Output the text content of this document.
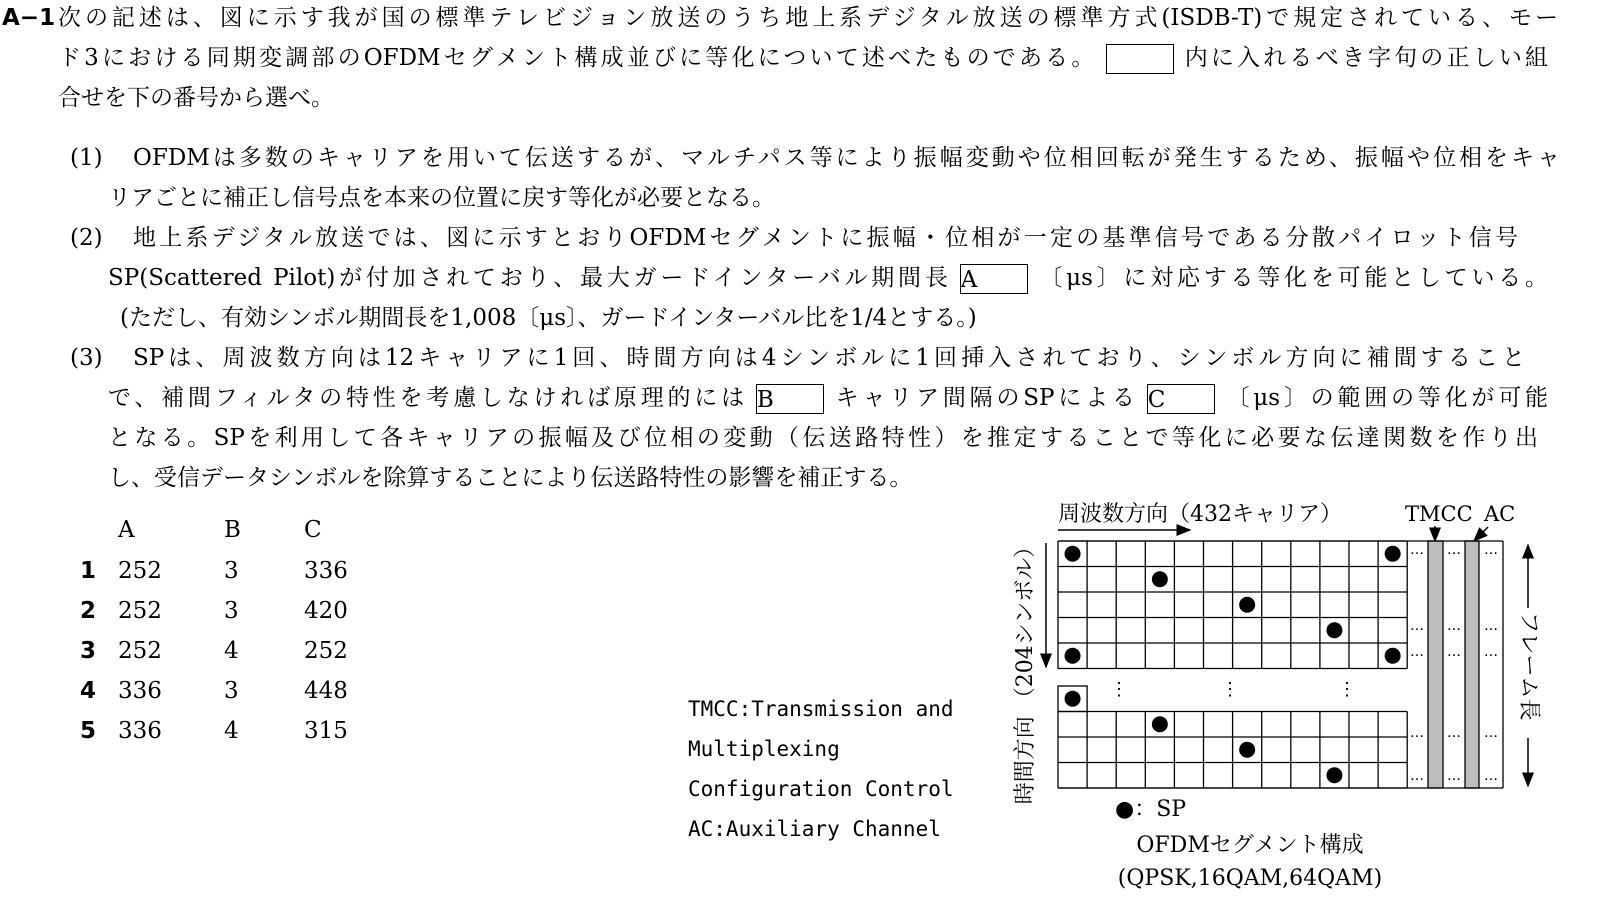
A−1 次の記述は、図に示す我が国の標準テレビジョン放送のうち地上系デジタル放送の標準方式(ISDB-T)で規定されている、モー
ド3における同期変調部のOFDMセグメント構成並びに等化について述べたものである。	内に入れるべき字句の正しい組
合せを下の番号から選べ。
(1) OFDMは多数のキャリアを用いて伝送するが、マルチパス等により振幅変動や位相回転が発生するため、振幅や位相をキャ
リアごとに補正し信号点を本来の位置に戻す等化が必要となる。
(2) 地上系デジタル放送では、図に示すとおりOFDMセグメントに振幅・位相が一定の基準信号である分散パイロット信号
SP(Scattered Pilot)が付加されており、最大ガードインターバル期間長 A	〔μs〕に対応する等化を可能としている。
(ただし、有効シンボル期間長を1,008〔μs〕、ガードインターバル比を1/4とする。)
(3) SPは、周波数方向は12キャリアに1回、時間方向は4シンボルに1回挿入されており、シンボル方向に補間すること
で、補間フィルタの特性を考慮しなければ原理的には B	キャリア間隔のSPによる C 〔μs〕の範囲の等化が可能
となる。SPを利用して各キャリアの振幅及び位相の変動（伝送路特性）を推定することで等化に必要な伝達関数を作り出
し、受信データシンボルを除算することにより伝送路特性の影響を補正する。
A	B	C
1 252	3	336
2 252	3	420
3 252	4	252
4 336	3	448
5 336	4	315
TMCC:Transmission and
Multiplexing
Configuration Control
AC:Auxiliary Channel
周波数方向（432キャリア）	TMCC AC
時間方向 （204シンボル）	フレーム長
…
…
…
…
…
…
…
…
…
…
…
…
…
…
…
⋮	⋮	⋮
●：SP
OFDMセグメント構成
(QPSK,16QAM,64QAM)
